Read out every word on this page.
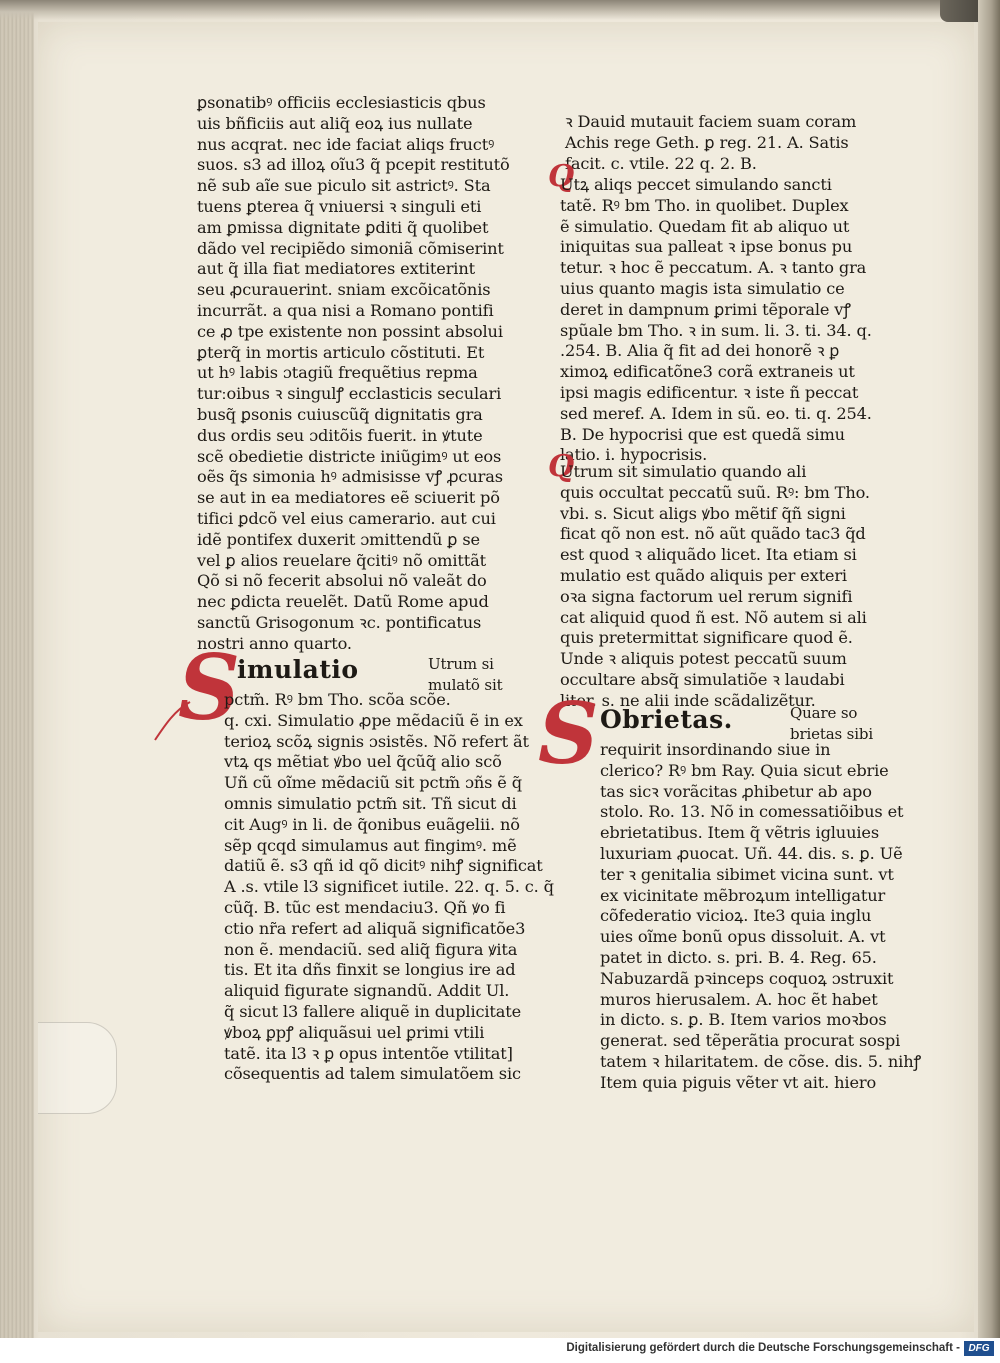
ꝑsonatibꝰ officiis ecclesiasticis qbus
uis bñficiis aut aliq̃ eoꝝ ius nullate
nus acqrat. nec ide faciat aliqs fructꝰ
suos. s3 ad illoꝝ oĩu3 q̃ pcepit restitutõ
nẽ sub aĩe sue piculo sit astrictꝰ. Sta
tuens ꝑterea q̃ vniuersi ꝛ singuli eti
am ꝑmissa dignitate ꝑditi q̃ quolibet
dãdo vel recipiẽdo simoniã cõmiserint
aut q̃ illa fiat mediatores extiterint
seu ꝓcurauerint. sniam excõicatõnis
incurrãt. a qua nisi a Romano pontifi
ce ꝓ tpe existente non possint absolui
ꝑterq̃ in mortis articulo cõstituti. Et
ut hꝰ labis ɔtagiũ frequẽtius repma
turːoibus ꝛ singulꝭ ecclasticis seculari
busq̃ ꝑsonis cuiuscũq̃ dignitatis gra
dus ordis seu ɔditõis fuerit. in ꝟtute
scẽ obedietie districte iniũgimꝰ ut eos
oẽs q̃s simonia hꝰ admisisse vꝭ ꝓcuras
se aut in ea mediatores eẽ sciuerit põ
tifici ꝑdcõ vel eius camerario. aut cui
idẽ pontifex duxerit ɔmittendũ ꝑ se
vel ꝑ alios reuelare q̃citiꝰ nõ omittãt
Qõ si nõ fecerit absolui nõ valeãt do
nec ꝑdicta reuelẽt. Datũ Rome apud
sanctũ Grisogonum ꝛc. pontificatus
nostri anno quarto.
S
imulatio	Utrum si
mulatõ sit
pctm̃. Rꝰ bm Tho. scõa scõe.
q. cxi. Simulatio ꝓpe mẽdaciũ ẽ in ex
terioꝝ scõꝝ signis ɔsistẽs. Nõ refert ãt
vtꝝ qs mẽtiat ꝟbo uel q̃cũq̃ alio scõ
Uñ cũ oĩme mẽdaciũ sit pctm̃ ɔñs ẽ q̃
omnis simulatio pctm̃ sit. Tñ sicut di
cit Augꝰ in li. de q̃onibus euãgelii. nõ
sẽp qcqd simulamus aut fingimꝰ. mẽ
datiũ ẽ. s3 qñ id qõ dicitꝰ nihꝭ significat
A .s. vtile l3 significet iutile. 22. q. 5. c. q̃
cũq̃. B. tũc est mendaciu3. Qñ ꝟo fi
ctio nr̃a refert ad aliquã significatõe3
non ẽ. mendaciũ. sed aliq̃ figura ꝟita
tis. Et ita dñs finxit se longius ire ad
aliquid figurate signandũ. Addit Ul.
q̃ sicut l3 fallere aliquẽ in duplicitate
ꝟboꝝ ꝑpꝭ aliquãsui uel ꝑrimi vtili
tatẽ. ita l3 ꝛ ꝑ opus intentõe vtilitat]
cõsequentis ad talem simulatõem sic
ꝛ Dauid mutauit faciem suam coram
Achis rege Geth. ꝑ reg. 21. A. Satis
facit. c. vtile. 22 q. 2. B.
Q
Utꝝ aliqs peccet simulando sancti
tatẽ. Rꝰ bm Tho. in quolibet. Duplex
ẽ simulatio. Quedam fit ab aliquo ut
iniquitas sua palleat ꝛ ipse bonus pu
tetur. ꝛ hoc ẽ peccatum. A. ꝛ tanto gra
uius quanto magis ista simulatio ce
deret in dampnum ꝑrimi tẽporale vꝭ
spũale bm Tho. ꝛ in sum. li. 3. ti. 34. q.
.254. B. Alia q̃ fit ad dei honorẽ ꝛ ꝑ
ximoꝝ edificatõne3 corã extraneis ut
ipsi magis edificentur. ꝛ iste ñ peccat
sed meref. A. Idem in sũ. eo. ti. q. 254.
B. De hypocrisi que est quedã simu
latio. i. hypocrisis.
Q
Utrum sit simulatio quando ali
quis occultat peccatũ suũ. Rꝰ: bm Tho.
vbi. s. Sicut aligs ꝟbo mẽtif q̃ñ signi
ficat qõ non est. nõ aũt quãdo tac3 q̃d
est quod ꝛ aliquãdo licet. Ita etiam si
mulatio est quãdo aliquis per exteri
oꝛa signa factorum uel rerum signifi
cat aliquid quod ñ est. Nõ autem si ali
quis pretermittat significare quod ẽ.
Unde ꝛ aliquis potest peccatũ suum
occultare absq̃ simulatiõe ꝛ laudabi
liter. s. ne alii inde scãdalizẽtur.
S Obrietas.	Quare so
brietas sibi
requirit insordinando siue in
clerico? Rꝰ bm Ray. Quia sicut ebrie
tas sicꝛ vorãcitas ꝓhibetur ab apo
stolo. Ro. 13. Nõ in comessatiõibus et
ebrietatibus. Item q̃ vẽtris igluuies
luxuriam ꝓuocat. Uñ. 44. dis. s. ꝑ. Uẽ
ter ꝛ genitalia sibimet vicina sunt. vt
ex vicinitate mẽbroꝝum intelligatur
cõfederatio vicioꝝ. Ite3 quia inglu
uies oĩme bonũ opus dissoluit. A. vt
patet in dicto. s. pri. B. 4. Reg. 65.
Nabuzardã pꝛinceps coquoꝝ ɔstruxit
muros hierusalem. A. hoc ẽt habet
in dicto. s. ꝑ. B. Item varios moꝛbos
generat. sed tẽperãtia procurat sospi
tatem ꝛ hilaritatem. de cõse. dis. 5. nihꝭ
Item quia piguis vẽter vt ait. hiero
Digitalisierung gefördert durch die Deutsche Forschungsgemeinschaft - DFG
